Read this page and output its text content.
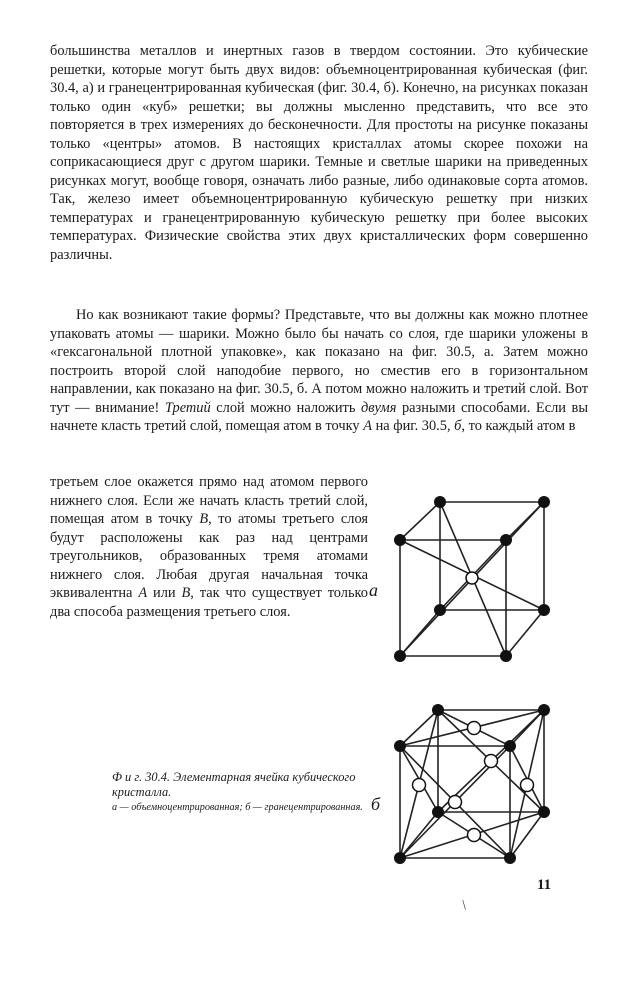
большинства металлов и инертных газов в твердом состоянии. Это кубические решетки, которые могут быть двух видов: объемноцентрированная кубическая (фиг. 30.4, а) и гранецентрированная кубическая (фиг. 30.4, б). Конечно, на рисунках показан только один «куб» решетки; вы должны мысленно представить, что все это повторяется в трех измерениях до бесконечности. Для простоты на рисунке показаны только «центры» атомов. В настоящих кристаллах атомы скорее похожи на соприкасающиеся друг с другом шарики. Темные и светлые шарики на приведенных рисунках могут, вообще говоря, означать либо разные, либо одинаковые сорта атомов. Так, железо имеет объемноцентрированную кубическую решетку при низких температурах и гранецентрированную кубическую решетку при более высоких температурах. Физические свойства этих двух кристаллических форм совершенно различны.

Но как возникают такие формы? Представьте, что вы должны как можно плотнее упаковать атомы — шарики. Можно было бы начать со слоя, где шарики уложены в «гексагональной плотной упаковке», как показано на фиг. 30.5, а. Затем можно построить второй слой наподобие первого, но сместив его в горизонтальном направлении, как показано на фиг. 30.5, б. А потом можно наложить и третий слой. Вот тут — внимание! Третий слой можно наложить двумя разными способами. Если вы начнете класть третий слой, помещая атом в точку А на фиг. 30.5, б, то каждый атом в

третьем слое окажется прямо над атомом первого нижнего слоя. Если же начать класть третий слой, помещая атом в точку В, то атомы третьего слоя будут расположены как раз над центрами треугольников, образованных тремя атомами нижнего слоя. Любая другая начальная точка эквивалентна А или В, так что существует только два способа размещения третьего слоя.

а
б

Ф и г. 30.4. Элементарная ячейка кубического кристалла.

а — объемноцентрированная; б — гранецентрированная.

11
/
